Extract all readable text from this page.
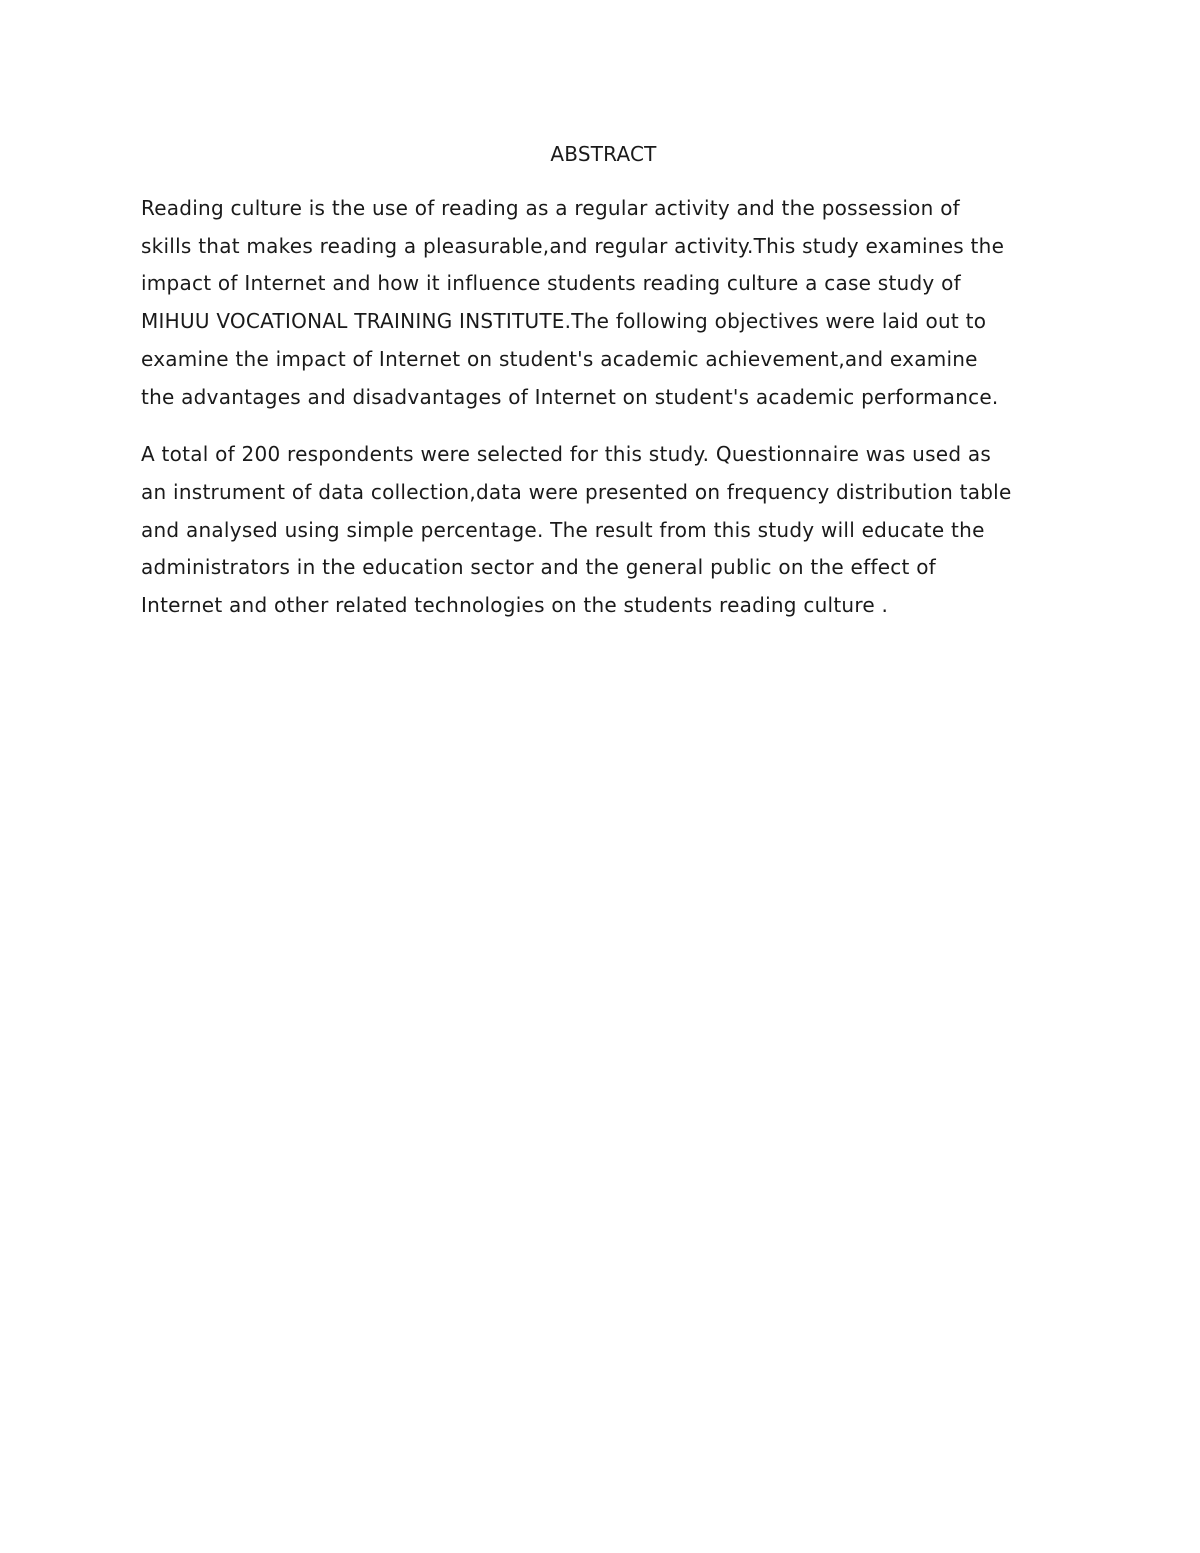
ABSTRACT

Reading culture is the use of reading as a regular activity and the possession of
skills that makes reading a pleasurable,and regular activity.This study examines the
impact of Internet and how it influence students reading culture a case study of
MIHUU VOCATIONAL TRAINING INSTITUTE.The following objectives were laid out to
examine the impact of Internet on student's academic achievement,and examine
the advantages and disadvantages of Internet on student's academic performance.

A total of 200 respondents were selected for this study. Questionnaire was used as
an instrument of data collection,data were presented on frequency distribution table
and analysed using simple percentage. The result from this study will educate the
administrators in the education sector and the general public on the effect of
Internet and other related technologies on the students reading culture .
